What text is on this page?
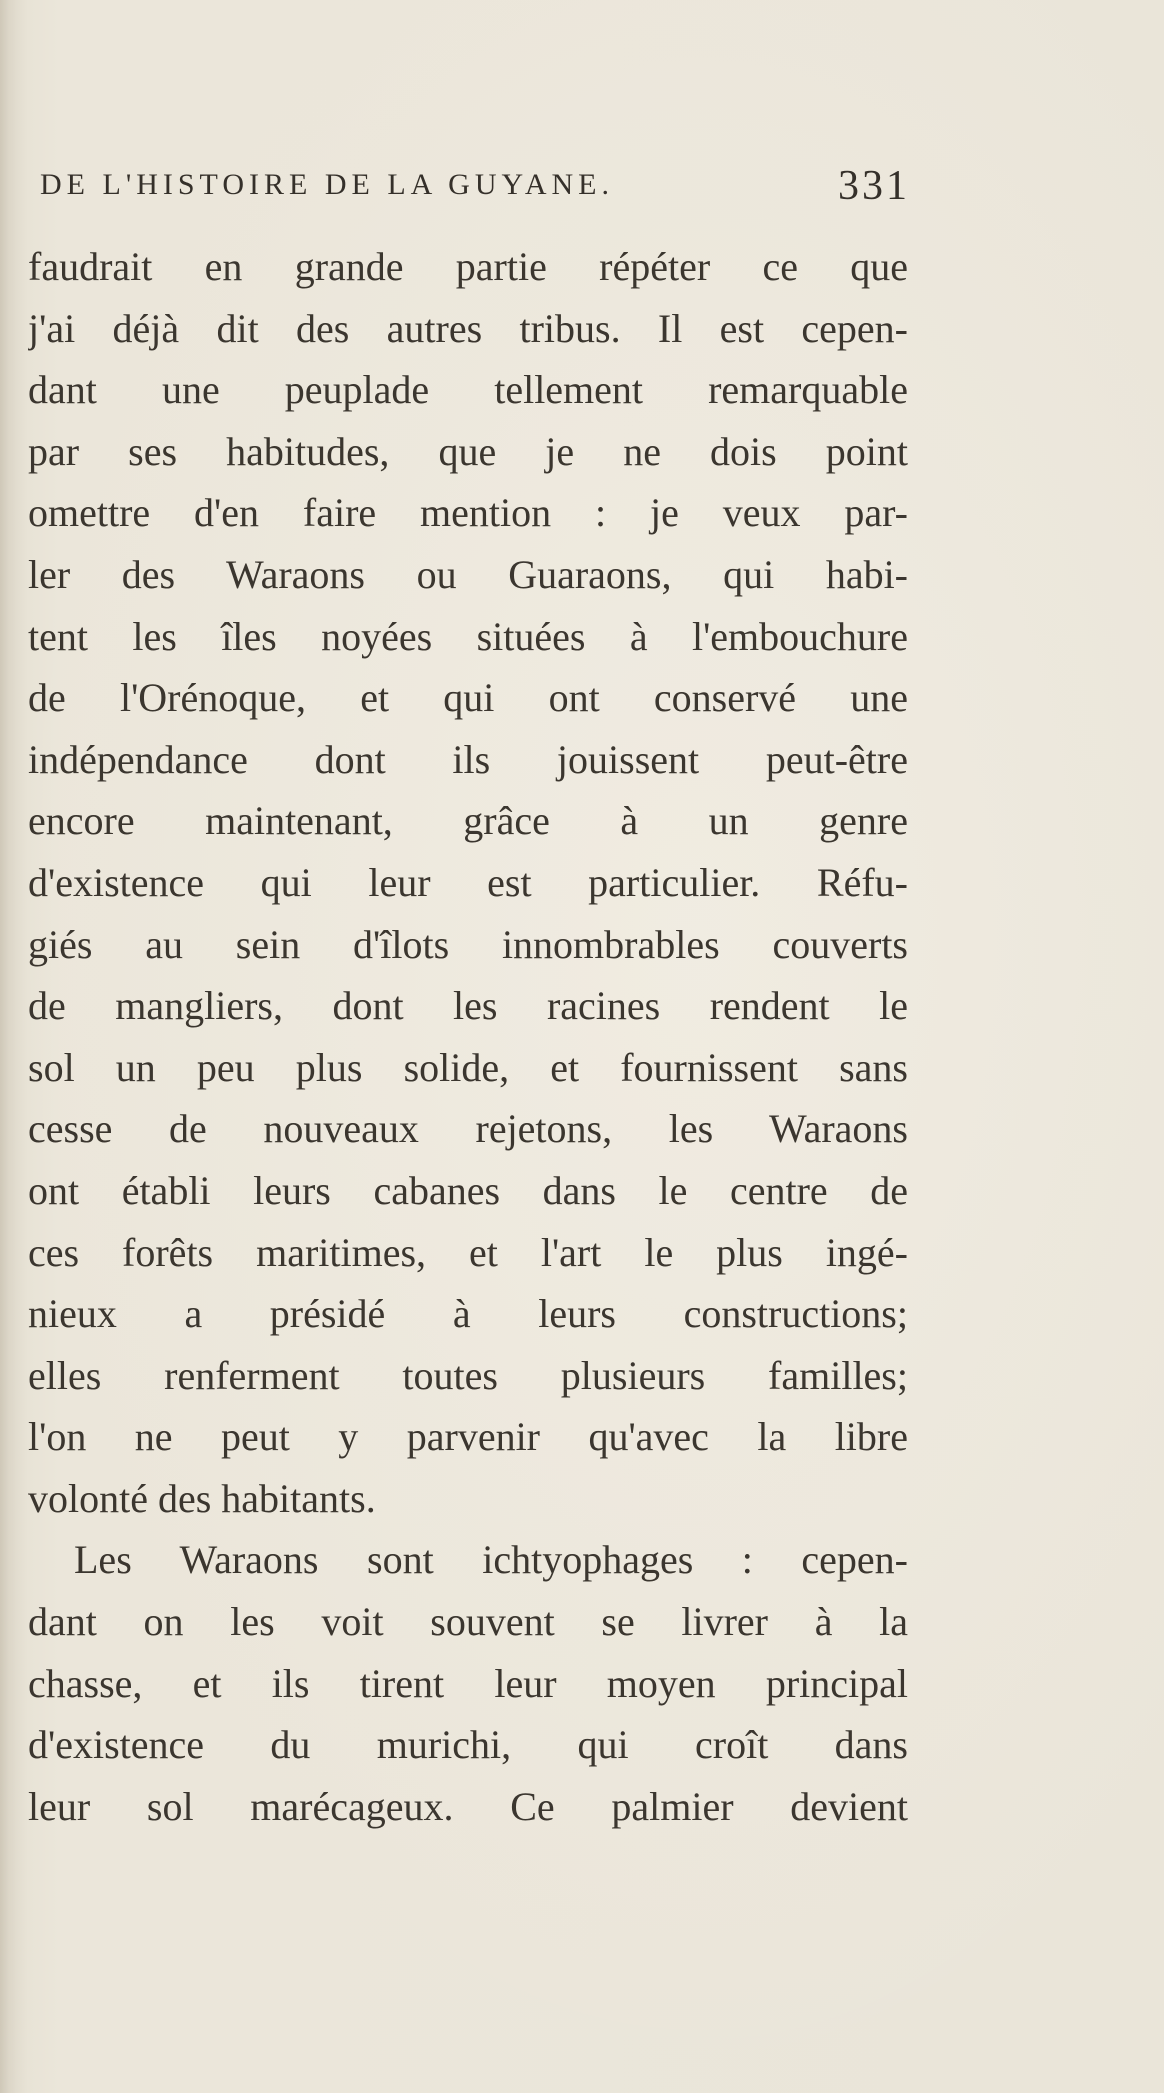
DE L'HISTOIRE DE LA GUYANE.	331
faudrait en grande partie répéter ce que
j'ai déjà dit des autres tribus. Il est cepen-
dant une peuplade tellement remarquable
par ses habitudes, que je ne dois point
omettre d'en faire mention : je veux par-
ler des Waraons ou Guaraons, qui habi-
tent les îles noyées situées à l'embouchure
de l'Orénoque, et qui ont conservé une
indépendance dont ils jouissent peut-être
encore maintenant, grâce à un genre
d'existence qui leur est particulier. Réfu-
giés au sein d'îlots innombrables couverts
de mangliers, dont les racines rendent le
sol un peu plus solide, et fournissent sans
cesse de nouveaux rejetons, les Waraons
ont établi leurs cabanes dans le centre de
ces forêts maritimes, et l'art le plus ingé-
nieux a présidé à leurs constructions;
elles renferment toutes plusieurs familles;
l'on ne peut y parvenir qu'avec la libre
volonté des habitants.
Les Waraons sont ichtyophages : cepen-
dant on les voit souvent se livrer à la
chasse, et ils tirent leur moyen principal
d'existence du murichi, qui croît dans
leur sol marécageux. Ce palmier devient
